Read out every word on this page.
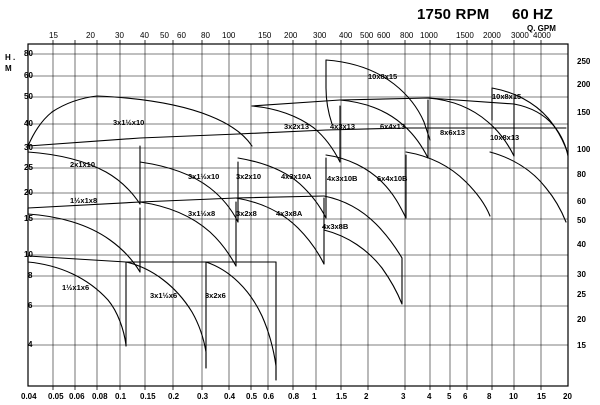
1750 RPM 60 HZ
Q. GPM
H .
M
15	20	30 40 50 60 80 100	150 200 300 400 500 600 800 1000 1500 2000 3000 4000
80
60
50
40
30
25
20
15
10
8
6
4
250
200
150
100
80
60
50
40
30
25
20
15
0.04 0.05 0.06 0.08 0.1 0.15 0.2 0.3 0.4 0.5 0.6 0.8 1 1.5 2	3	4 5 6 8 10 15 20
10x8x15
10x8x15
3x1½x10	3x2x13	4x3x13	6x4x13
8x6x13
10x8x13
2x1x10
3x1½x10 3x2x10	4x3x10A 4x3x10B	6x4x10B
1½x1x8
3x1½x8	3x2x8	4x3x8A
4x3x8B
1½x1x6
3x1½x6	3x2x6
